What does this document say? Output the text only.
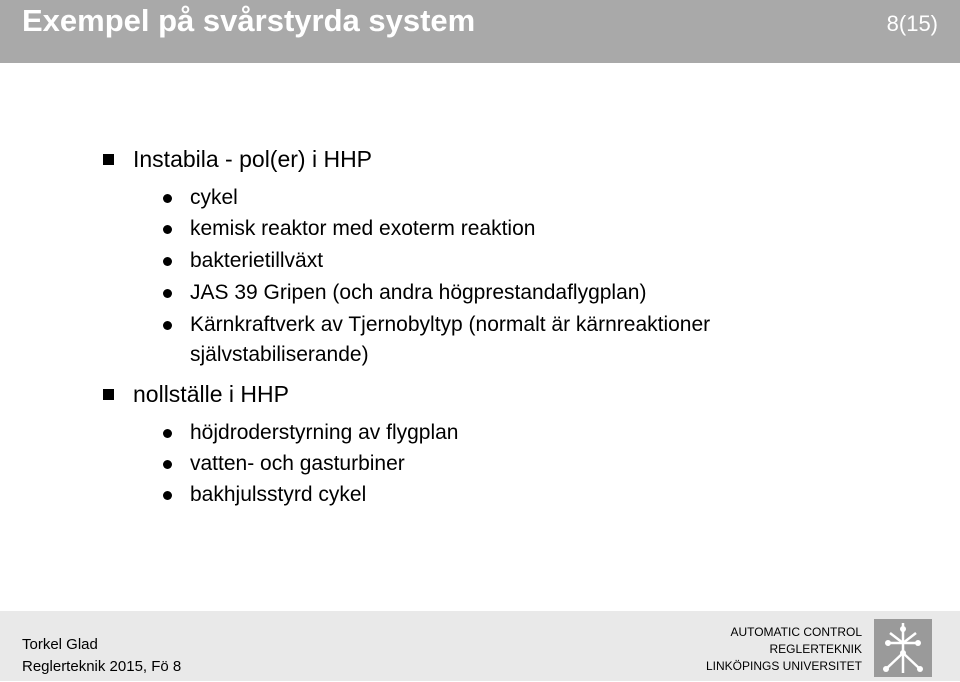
Exempel på svårstyrda system	8(15)
Instabila - pol(er) i HHP
cykel
kemisk reaktor med exoterm reaktion
bakterietillväxt
JAS 39 Gripen (och andra högprestandaflygplan)
Kärnkraftverk av Tjernobyltyp (normalt är kärnreaktioner
självstabiliserande)
nollställe i HHP
höjdroderstyrning av flygplan
vatten- och gasturbiner
bakhjulsstyrd cykel
Torkel Glad
Reglerteknik 2015, Fö 8
AUTOMATIC CONTROL
REGLERTEKNIK
LINKÖPINGS UNIVERSITET
